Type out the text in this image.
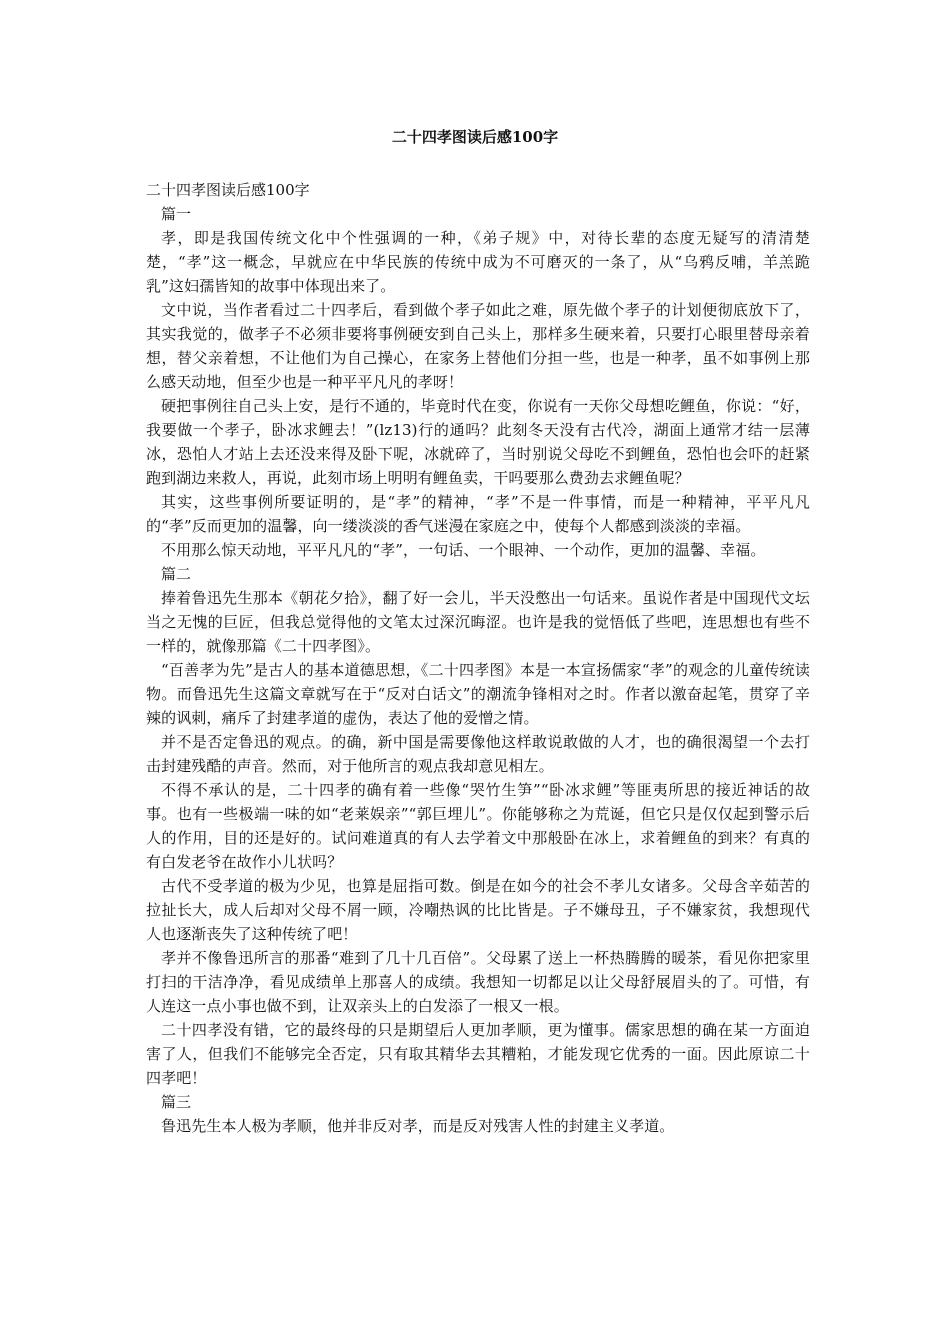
二十四孝图读后感100字

二十四孝图读后感100字

篇一

孝，即是我国传统文化中个性强调的一种，《弟子规》中，对待长辈的态度无疑写的清清楚楚，“孝”这一概念，早就应在中华民族的传统中成为不可磨灭的一条了，从“乌鸦反哺，羊羔跪乳”这妇孺皆知的故事中体现出来了。

文中说，当作者看过二十四孝后，看到做个孝子如此之难，原先做个孝子的计划便彻底放下了，其实我觉的，做孝子不必须非要将事例硬安到自己头上，那样多生硬来着，只要打心眼里替母亲着想，替父亲着想，不让他们为自己操心，在家务上替他们分担一些，也是一种孝，虽不如事例上那么感天动地，但至少也是一种平平凡凡的孝呀！

硬把事例往自己头上安，是行不通的，毕竟时代在变，你说有一天你父母想吃鲤鱼，你说：“好，我要做一个孝子，卧冰求鲤去！”(lz13)行的通吗？此刻冬天没有古代冷，湖面上通常才结一层薄冰，恐怕人才站上去还没来得及卧下呢，冰就碎了，当时别说父母吃不到鲤鱼，恐怕也会吓的赶紧跑到湖边来救人，再说，此刻市场上明明有鲤鱼卖，干吗要那么费劲去求鲤鱼呢？

其实，这些事例所要证明的，是“孝”的精神，“孝”不是一件事情，而是一种精神，平平凡凡的“孝”反而更加的温馨，向一缕淡淡的香气迷漫在家庭之中，使每个人都感到淡淡的幸福。

不用那么惊天动地，平平凡凡的“孝”，一句话、一个眼神、一个动作，更加的温馨、幸福。

篇二

捧着鲁迅先生那本《朝花夕拾》，翻了好一会儿，半天没憋出一句话来。虽说作者是中国现代文坛当之无愧的巨匠，但我总觉得他的文笔太过深沉晦涩。也许是我的觉悟低了些吧，连思想也有些不一样的，就像那篇《二十四孝图》。

“百善孝为先”是古人的基本道德思想，《二十四孝图》本是一本宣扬儒家“孝”的观念的儿童传统读物。而鲁迅先生这篇文章就写在于“反对白话文”的潮流争锋相对之时。作者以激奋起笔，贯穿了辛辣的讽刺，痛斥了封建孝道的虚伪，表达了他的爱憎之情。

并不是否定鲁迅的观点。的确，新中国是需要像他这样敢说敢做的人才，也的确很渴望一个去打击封建残酷的声音。然而，对于他所言的观点我却意见相左。

不得不承认的是，二十四孝的确有着一些像“哭竹生笋”“卧冰求鲤”等匪夷所思的接近神话的故事。也有一些极端一味的如“老莱娱亲”“郭巨埋儿”。你能够称之为荒诞，但它只是仅仅起到警示后人的作用，目的还是好的。试问难道真的有人去学着文中那般卧在冰上，求着鲤鱼的到来？有真的有白发老爷在故作小儿状吗？

古代不受孝道的极为少见，也算是屈指可数。倒是在如今的社会不孝儿女诸多。父母含辛茹苦的拉扯长大，成人后却对父母不屑一顾，冷嘲热讽的比比皆是。子不嫌母丑，子不嫌家贫，我想现代人也逐渐丧失了这种传统了吧！

孝并不像鲁迅所言的那番“难到了几十几百倍”。父母累了送上一杯热腾腾的暖茶，看见你把家里打扫的干洁净净，看见成绩单上那喜人的成绩。我想知一切都足以让父母舒展眉头的了。可惜，有人连这一点小事也做不到，让双亲头上的白发添了一根又一根。

二十四孝没有错，它的最终母的只是期望后人更加孝顺，更为懂事。儒家思想的确在某一方面迫害了人，但我们不能够完全否定，只有取其精华去其糟粕，才能发现它优秀的一面。因此原谅二十四孝吧！

篇三

鲁迅先生本人极为孝顺，他并非反对孝，而是反对残害人性的封建主义孝道。
